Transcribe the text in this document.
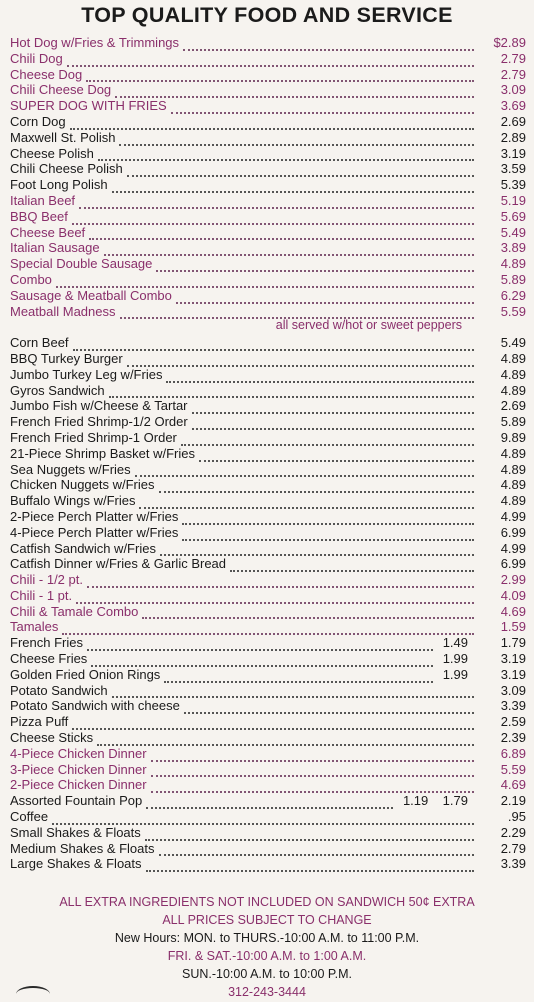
TOP QUALITY FOOD AND SERVICE
Hot Dog w/Fries & Trimmings	$2.89
Chili Dog	2.79
Cheese Dog	2.79
Chili Cheese Dog	3.09
SUPER DOG WITH FRIES	3.69
Corn Dog	2.69
Maxwell St. Polish	2.89
Cheese Polish	3.19
Chili Cheese Polish	3.59
Foot Long Polish	5.39
Italian Beef	5.19
BBQ Beef	5.69
Cheese Beef	5.49
Italian Sausage	3.89
Special Double Sausage	4.89
Combo	5.89
Sausage & Meatball Combo	6.29
Meatball Madness	5.59
all served w/hot or sweet peppers
Corn Beef	5.49
BBQ Turkey Burger	4.89
Jumbo Turkey Leg w/Fries	4.89
Gyros Sandwich	4.89
Jumbo Fish w/Cheese & Tartar	2.69
French Fried Shrimp-1/2 Order	5.89
French Fried Shrimp-1 Order	9.89
21-Piece Shrimp Basket w/Fries	4.89
Sea Nuggets w/Fries	4.89
Chicken Nuggets w/Fries	4.89
Buffalo Wings w/Fries	4.89
2-Piece Perch Platter w/Fries	4.99
4-Piece Perch Platter w/Fries	6.99
Catfish Sandwich w/Fries	4.99
Catfish Dinner w/Fries & Garlic Bread	6.99
Chili - 1/2 pt.	2.99
Chili - 1 pt.	4.09
Chili & Tamale Combo	4.69
Tamales	1.59
French Fries	1.49	1.79
Cheese Fries	1.99	3.19
Golden Fried Onion Rings	1.99	3.19
Potato Sandwich	3.09
Potato Sandwich with cheese	3.39
Pizza Puff	2.59
Cheese Sticks	2.39
4-Piece Chicken Dinner	6.89
3-Piece Chicken Dinner	5.59
2-Piece Chicken Dinner	4.69
Assorted Fountain Pop	1.19    1.79	2.19
Coffee	.95
Small Shakes & Floats	2.29
Medium Shakes & Floats	2.79
Large Shakes & Floats	3.39
ALL EXTRA INGREDIENTS NOT INCLUDED ON SANDWICH 50¢ EXTRA
ALL PRICES SUBJECT TO CHANGE
New Hours: MON. to THURS.-10:00 A.M. to 11:00 P.M.
FRI. & SAT.-10:00 A.M. to 1:00 A.M.
SUN.-10:00 A.M. to 10:00 P.M.
312-243-3444
